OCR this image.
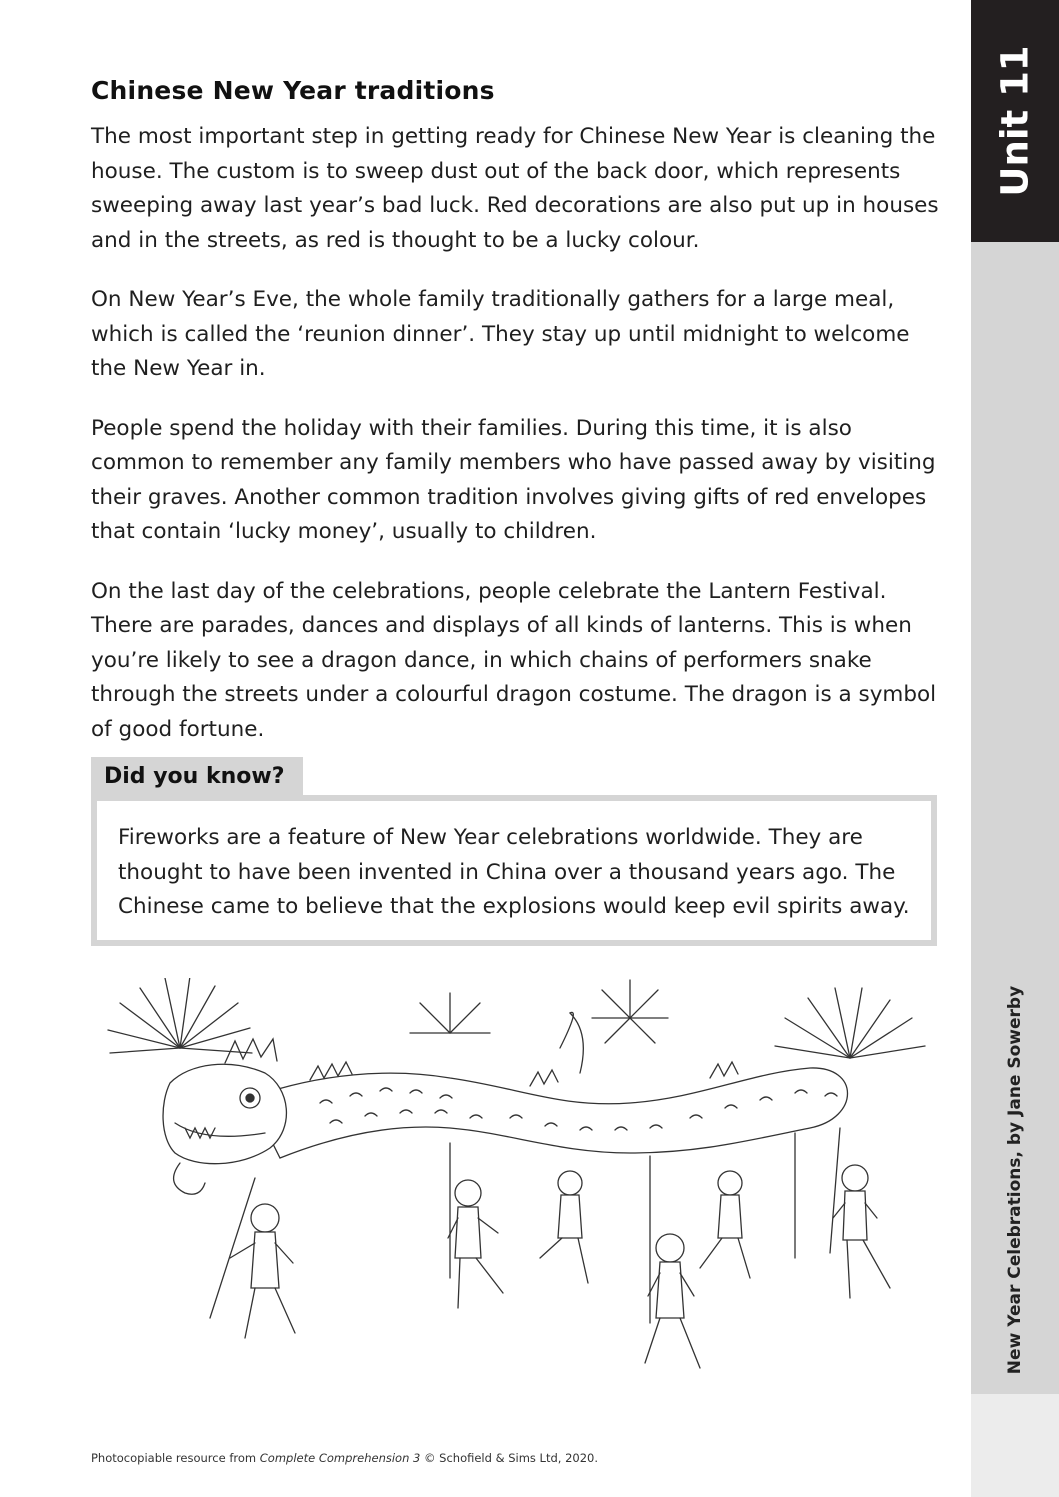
Chinese New Year traditions

The most important step in getting ready for Chinese New Year is cleaning the house. The custom is to sweep dust out of the back door, which represents sweeping away last year’s bad luck. Red decorations are also put up in houses and in the streets, as red is thought to be a lucky colour.

On New Year’s Eve, the whole family traditionally gathers for a large meal, which is called the ‘reunion dinner’. They stay up until midnight to welcome the New Year in.

People spend the holiday with their families. During this time, it is also common to remember any family members who have passed away by visiting their graves. Another common tradition involves giving gifts of red envelopes that contain ‘lucky money’, usually to children.

On the last day of the celebrations, people celebrate the Lantern Festival. There are parades, dances and displays of all kinds of lanterns. This is when you’re likely to see a dragon dance, in which chains of performers snake through the streets under a colourful dragon costume. The dragon is a symbol of good fortune.

Fireworks are a feature of New Year celebrations worldwide. They are thought to have been invented in China over a thousand years ago. The Chinese came to believe that the explosions would keep evil spirits away.
Did you know?
Unit 11
New Year Celebrations, by Jane Sowerby
Photocopiable resource from Complete Comprehension 3 © Schofield & Sims Ltd, 2020.
